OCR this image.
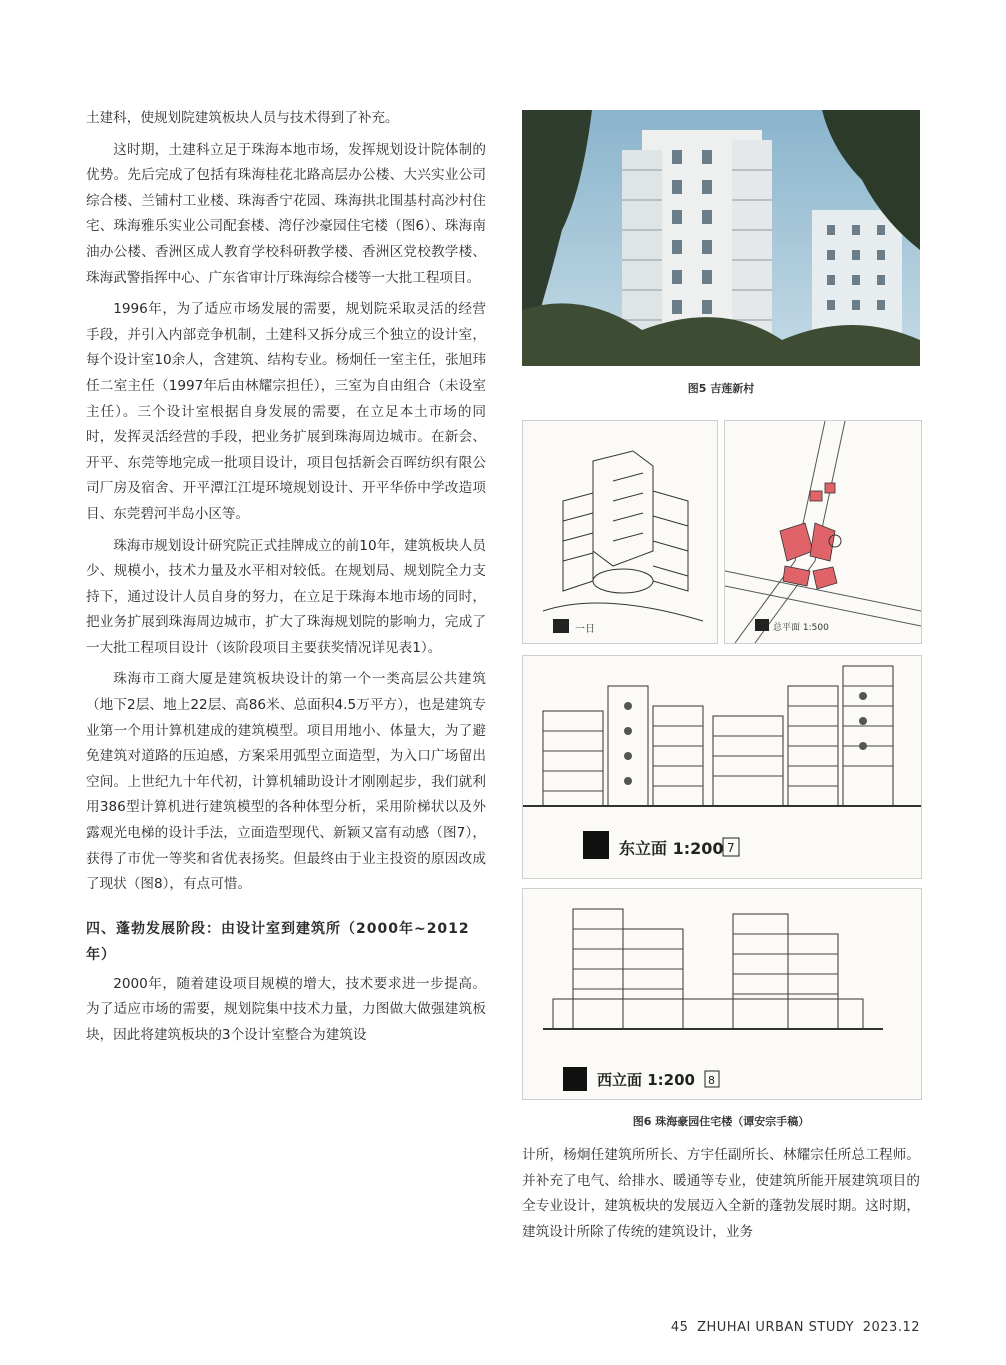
土建科，使规划院建筑板块人员与技术得到了补充。

这时期，土建科立足于珠海本地市场，发挥规划设计院体制的优势。先后完成了包括有珠海桂花北路高层办公楼、大兴实业公司综合楼、兰铺村工业楼、珠海香宁花园、珠海拱北围基村高沙村住宅、珠海雅乐实业公司配套楼、湾仔沙豪园住宅楼（图6）、珠海南油办公楼、香洲区成人教育学校科研教学楼、香洲区党校教学楼、珠海武警指挥中心、广东省审计厅珠海综合楼等一大批工程项目。

1996年，为了适应市场发展的需要，规划院采取灵活的经营手段，并引入内部竞争机制，土建科又拆分成三个独立的设计室，每个设计室10余人，含建筑、结构专业。杨炯任一室主任，张旭玮任二室主任（1997年后由林耀宗担任），三室为自由组合（未设室主任）。三个设计室根据自身发展的需要，在立足本土市场的同时，发挥灵活经营的手段，把业务扩展到珠海周边城市。在新会、开平、东莞等地完成一批项目设计，项目包括新会百晖纺织有限公司厂房及宿舍、开平潭江江堤环境规划设计、开平华侨中学改造项目、东莞碧河半岛小区等。

珠海市规划设计研究院正式挂牌成立的前10年，建筑板块人员少、规模小，技术力量及水平相对较低。在规划局、规划院全力支持下，通过设计人员自身的努力，在立足于珠海本地市场的同时，把业务扩展到珠海周边城市，扩大了珠海规划院的影响力，完成了一大批工程项目设计（该阶段项目主要获奖情况详见表1）。

珠海市工商大厦是建筑板块设计的第一个一类高层公共建筑（地下2层、地上22层、高86米、总面积4.5万平方），也是建筑专业第一个用计算机建成的建筑模型。项目用地小、体量大，为了避免建筑对道路的压迫感，方案采用弧型立面造型，为入口广场留出空间。上世纪九十年代初，计算机辅助设计才刚刚起步，我们就利用386型计算机进行建筑模型的各种体型分析，采用阶梯状以及外露观光电梯的设计手法，立面造型现代、新颖又富有动感（图7），获得了市优一等奖和省优表扬奖。但最终由于业主投资的原因改成了现状（图8），有点可惜。

四、蓬勃发展阶段：由设计室到建筑所（2000年~2012年）

2000年，随着建设项目规模的增大，技术要求进一步提高。为了适应市场的需要，规划院集中技术力量，力图做大做强建筑板块，因此将建筑板块的3个设计室整合为建筑设

图5 吉莲新村
一日	总平面 1:500
东立面 1:200 7
西立面 1:200 8
图6 珠海豪园住宅楼（谭安宗手稿）

计所，杨炯任建筑所所长、方宇任副所长、林耀宗任所总工程师。并补充了电气、给排水、暖通等专业，使建筑所能开展建筑项目的全专业设计，建筑板块的发展迈入全新的蓬勃发展时期。这时期，建筑设计所除了传统的建筑设计，业务

45 ZHUHAI URBAN STUDY 2023.12
